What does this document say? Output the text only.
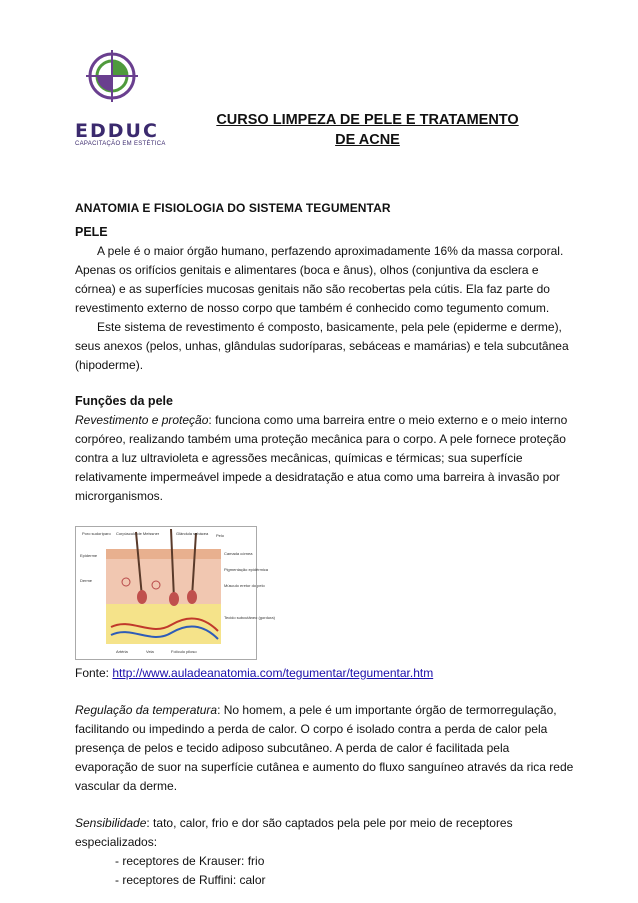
EDDUC
CAPACITAÇÃO EM ESTÉTICA
CURSO LIMPEZA DE PELE E TRATAMENTO
DE ACNE
ANATOMIA E FISIOLOGIA DO SISTEMA TEGUMENTAR

PELE

A pele é o maior órgão humano, perfazendo aproximadamente 16% da massa corporal. Apenas os orifícios genitais e alimentares (boca e ânus), olhos (conjuntiva da esclera e córnea) e as superfícies mucosas genitais não são recobertas pela cútis. Ela faz parte do revestimento externo de nosso corpo que também é conhecido como tegumento comum.

Este sistema de revestimento é composto, basicamente, pela pele (epiderme e derme), seus anexos (pelos, unhas, glândulas sudoríparas, sebáceas e mamárias) e tela subcutânea (hipoderme).

Funções da pele

Revestimento e proteção: funciona como uma barreira entre o meio externo e o meio interno corpóreo, realizando também uma proteção mecânica para o corpo. A pele fornece proteção contra a luz ultravioleta e agressões mecânicas, químicas e térmicas; sua superfície relativamente impermeável impede a desidratação e atua como uma barreira à invasão por microrganismos.

Poro sudoríparo Corpúsculo de Meissner	Glândula sebácea Pelo
Epiderme
Derme
Camada córnea
Pigmentação epidérmica
Músculo eretor do pelo
Tecido subcutâneo (gordura)
Artéria	Veia	Folículo piloso

Fonte: http://www.auladeanatomia.com/tegumentar/tegumentar.htm

Regulação da temperatura: No homem, a pele é um importante órgão de termorregulação, facilitando ou impedindo a perda de calor. O corpo é isolado contra a perda de calor pela presença de pelos e tecido adiposo subcutâneo. A perda de calor é facilitada pela evaporação de suor na superfície cutânea e aumento do fluxo sanguíneo através da rica rede vascular da derme.

Sensibilidade: tato, calor, frio e dor são captados pela pele por meio de receptores especializados:

- receptores de Krauser: frio

- receptores de Ruffini: calor
